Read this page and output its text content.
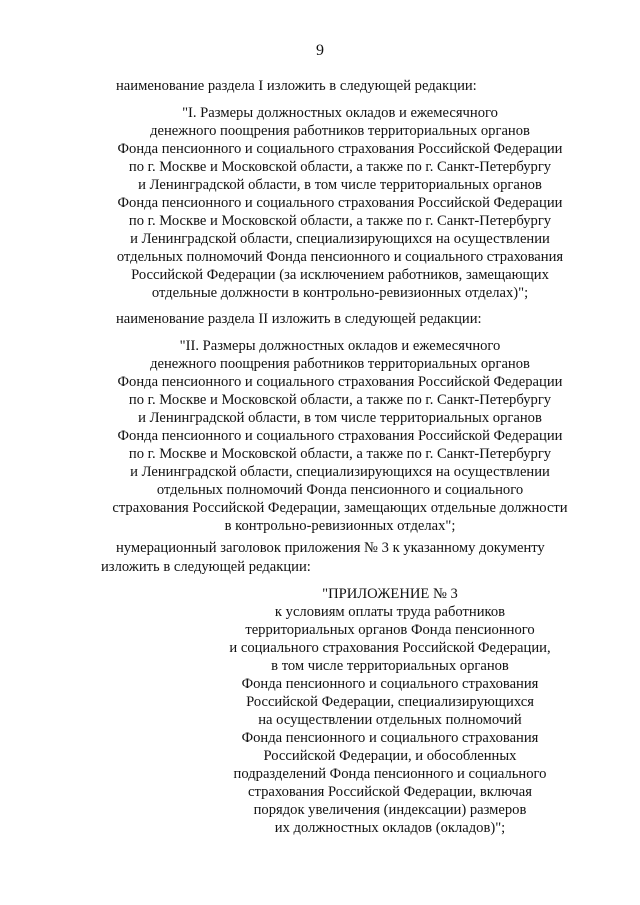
9
наименование раздела I изложить в следующей редакции:
"I. Размеры должностных окладов и ежемесячного
денежного поощрения работников территориальных органов
Фонда пенсионного и социального страхования Российской Федерации
по г. Москве и Московской области, а также по г. Санкт-Петербургу
и Ленинградской области, в том числе территориальных органов
Фонда пенсионного и социального страхования Российской Федерации
по г. Москве и Московской области, а также по г. Санкт-Петербургу
и Ленинградской области, специализирующихся на осуществлении
отдельных полномочий Фонда пенсионного и социального страхования
Российской Федерации (за исключением работников, замещающих
отдельные должности в контрольно-ревизионных отделах)";
наименование раздела II изложить в следующей редакции:
"II. Размеры должностных окладов и ежемесячного
денежного поощрения работников территориальных органов
Фонда пенсионного и социального страхования Российской Федерации
по г. Москве и Московской области, а также по г. Санкт-Петербургу
и Ленинградской области, в том числе территориальных органов
Фонда пенсионного и социального страхования Российской Федерации
по г. Москве и Московской области, а также по г. Санкт-Петербургу
и Ленинградской области, специализирующихся на осуществлении
отдельных полномочий Фонда пенсионного и социального
страхования Российской Федерации, замещающих отдельные должности
в контрольно-ревизионных отделах";
нумерационный заголовок приложения № 3 к указанному документу
изложить в следующей редакции:
"ПРИЛОЖЕНИЕ № 3
к условиям оплаты труда работников
территориальных органов Фонда пенсионного
и социального страхования Российской Федерации,
в том числе территориальных органов
Фонда пенсионного и социального страхования
Российской Федерации, специализирующихся
на осуществлении отдельных полномочий
Фонда пенсионного и социального страхования
Российской Федерации, и обособленных
подразделений Фонда пенсионного и социального
страхования Российской Федерации, включая
порядок увеличения (индексации) размеров
их должностных окладов (окладов)";
